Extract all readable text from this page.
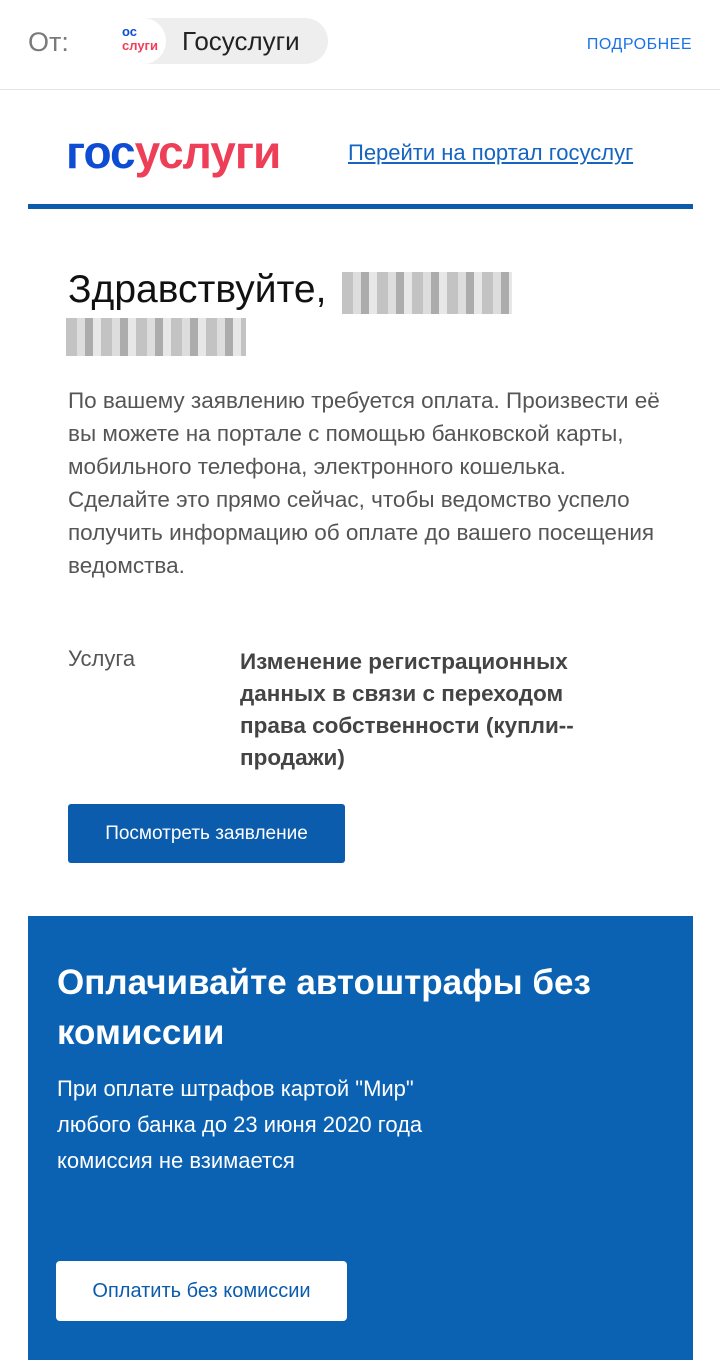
От:	ос
слуги Госуслуги	ПОДРОБНЕЕ
госуслуги	Перейти на портал госуслуг
Здравствуйте,
По вашему заявлению требуется оплата. Произвести её вы можете на портале с помощью банковской карты, мобильного телефона, электронного кошелька. Сделайте это прямо сейчас, чтобы ведомство успело получить информацию об оплате до вашего посещения ведомства.
Услуга	Изменение регистрационных данных в связи с переходом права собственности (купли--продажи)
Посмотреть заявление
Оплачивайте автоштрафы без комиссии
При оплате штрафов картой "Мир" любого банка до 23 июня 2020 года комиссия не взимается
Оплатить без комиссии
